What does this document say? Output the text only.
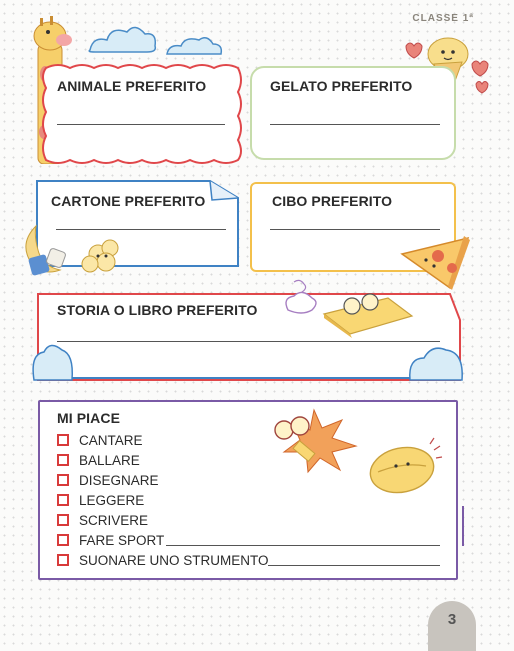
CLASSE 1ª
ANIMALE PREFERITO	GELATO PREFERITO
CARTONE PREFERITO	CIBO PREFERITO
STORIA O LIBRO PREFERITO
MI PIACE
CANTARE
BALLARE
DISEGNARE
LEGGERE
SCRIVERE
FARE SPORT
SUONARE UNO STRUMENTO
3
